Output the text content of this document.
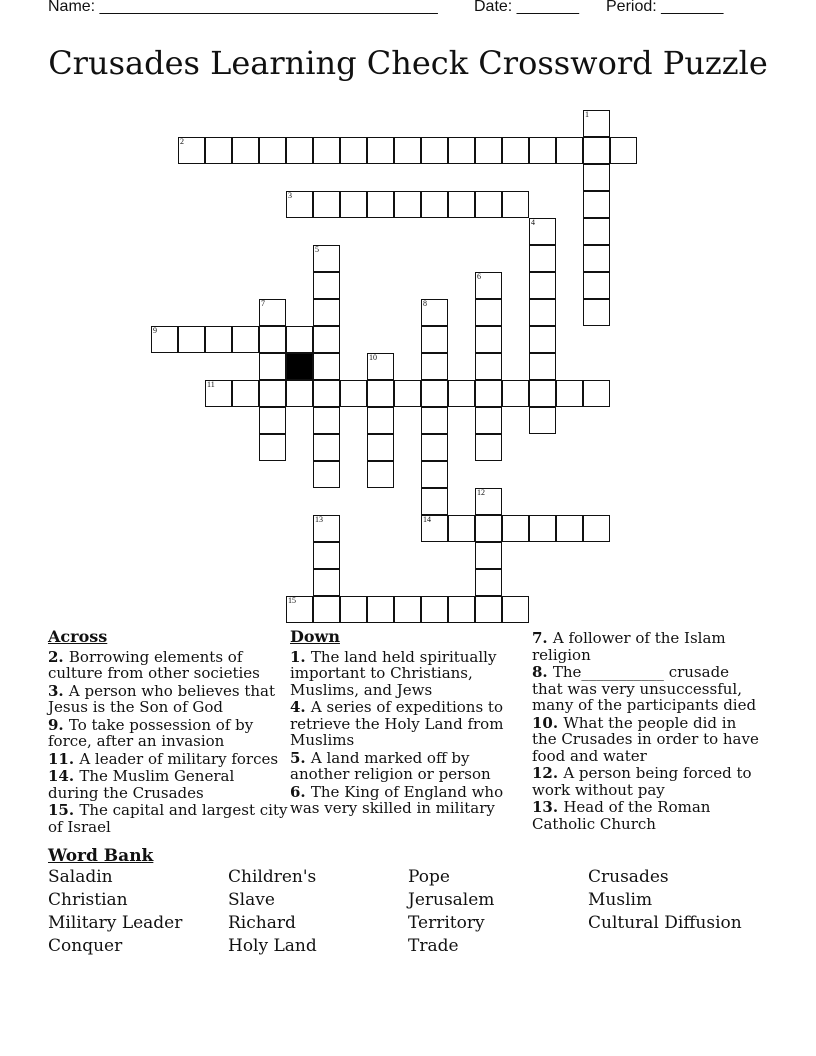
Name: ______________________________________ Date: _______ Period: _______
Crusades Learning Check Crossword Puzzle
1
2
3
4
5
6
7	8
14
9
10
11
12
13
15
Across
2. Borrowing elements of culture from other societies
3. A person who believes that Jesus is the Son of God
9. To take possession of by force, after an invasion
11. A leader of military forces
14. The Muslim General during the Crusades
15. The capital and largest city of Israel
Down
1. The land held spiritually important to Christians, Muslims, and Jews
4. A series of expeditions to retrieve the Holy Land from Muslims
5. A land marked off by another religion or person
6. The King of England who was very skilled in military
7. A follower of the Islam religion
8. The___________ crusade that was very unsuccessful, many of the participants died
10. What the people did in the Crusades in order to have food and water
12. A person being forced to work without pay
13. Head of the Roman Catholic Church
Word Bank
Saladin	Children's	Pope	Crusades
Christian	Slave	Jerusalem	Muslim
Military Leader	Richard	Territory	Cultural Diffusion
Conquer	Holy Land	Trade
